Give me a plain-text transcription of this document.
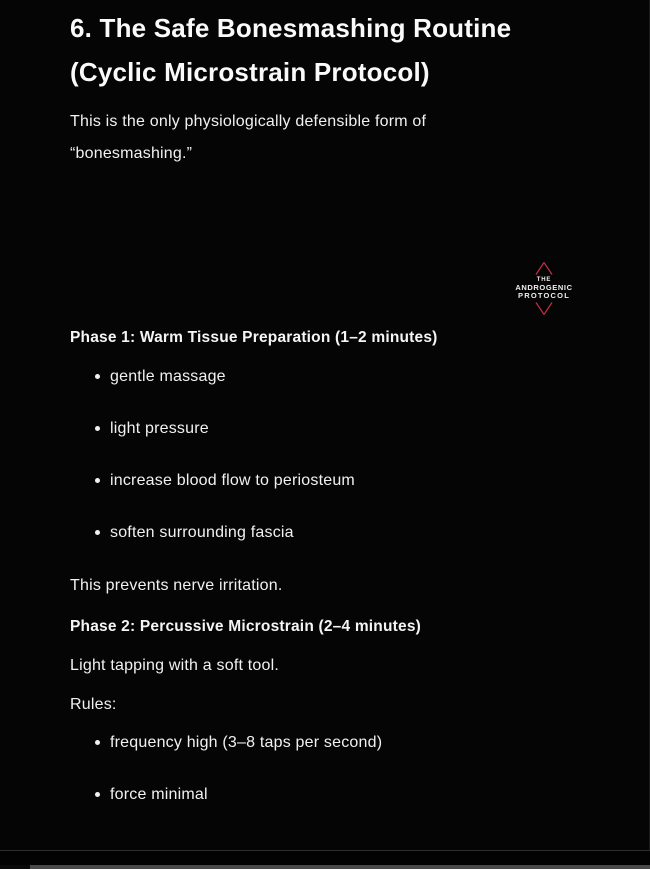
6. The Safe Bonesmashing Routine (Cyclic Microstrain Protocol)

This is the only physiologically defensible form of “bonesmashing.”

Phase 1: Warm Tissue Preparation (1–2 minutes)
gentle massage
light pressure
increase blood flow to periosteum
soften surrounding fascia

This prevents nerve irritation.

Phase 2: Percussive Microstrain (2–4 minutes)

Light tapping with a soft tool.

Rules:

frequency high (3–8 taps per second)
force minimal
THE
ANDROGENIC
PROTOCOL
